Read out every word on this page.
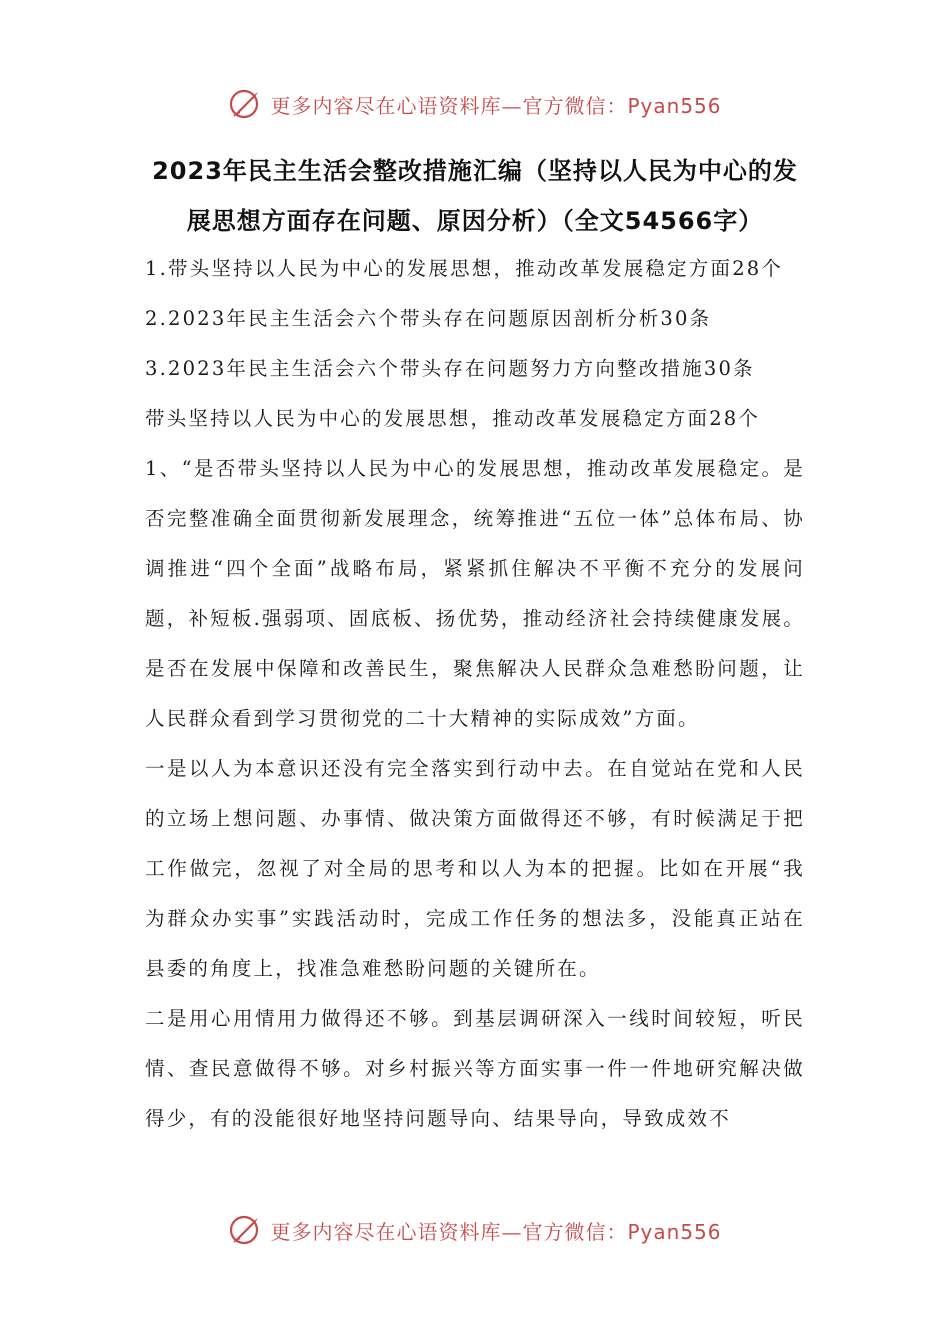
更多内容尽在心语资料库—官方微信：Pyan556
2023年民主生活会整改措施汇编（坚持以人民为中心的发
展思想方面存在问题、原因分析）（全文54566字）

1.带头坚持以人民为中心的发展思想，推动改革发展稳定方面28个

2.2023年民主生活会六个带头存在问题原因剖析分析30条

3.2023年民主生活会六个带头存在问题努力方向整改措施30条

带头坚持以人民为中心的发展思想，推动改革发展稳定方面28个

1、“是否带头坚持以人民为中心的发展思想，推动改革发展稳定。是否完整准确全面贯彻新发展理念，统筹推进“五位一体”总体布局、协调推进“四个全面”战略布局，紧紧抓住解决不平衡不充分的发展问题，补短板.强弱项、固底板、扬优势，推动经济社会持续健康发展。是否在发展中保障和改善民生，聚焦解决人民群众急难愁盼问题，让人民群众看到学习贯彻党的二十大精神的实际成效”方面。

一是以人为本意识还没有完全落实到行动中去。在自觉站在党和人民的立场上想问题、办事情、做决策方面做得还不够，有时候满足于把工作做完，忽视了对全局的思考和以人为本的把握。比如在开展“我为群众办实事”实践活动时，完成工作任务的想法多，没能真正站在县委的角度上，找准急难愁盼问题的关键所在。

二是用心用情用力做得还不够。到基层调研深入一线时间较短，听民情、查民意做得不够。对乡村振兴等方面实事一件一件地研究解决做得少，有的没能很好地坚持问题导向、结果导向，导致成效不

更多内容尽在心语资料库—官方微信：Pyan556
